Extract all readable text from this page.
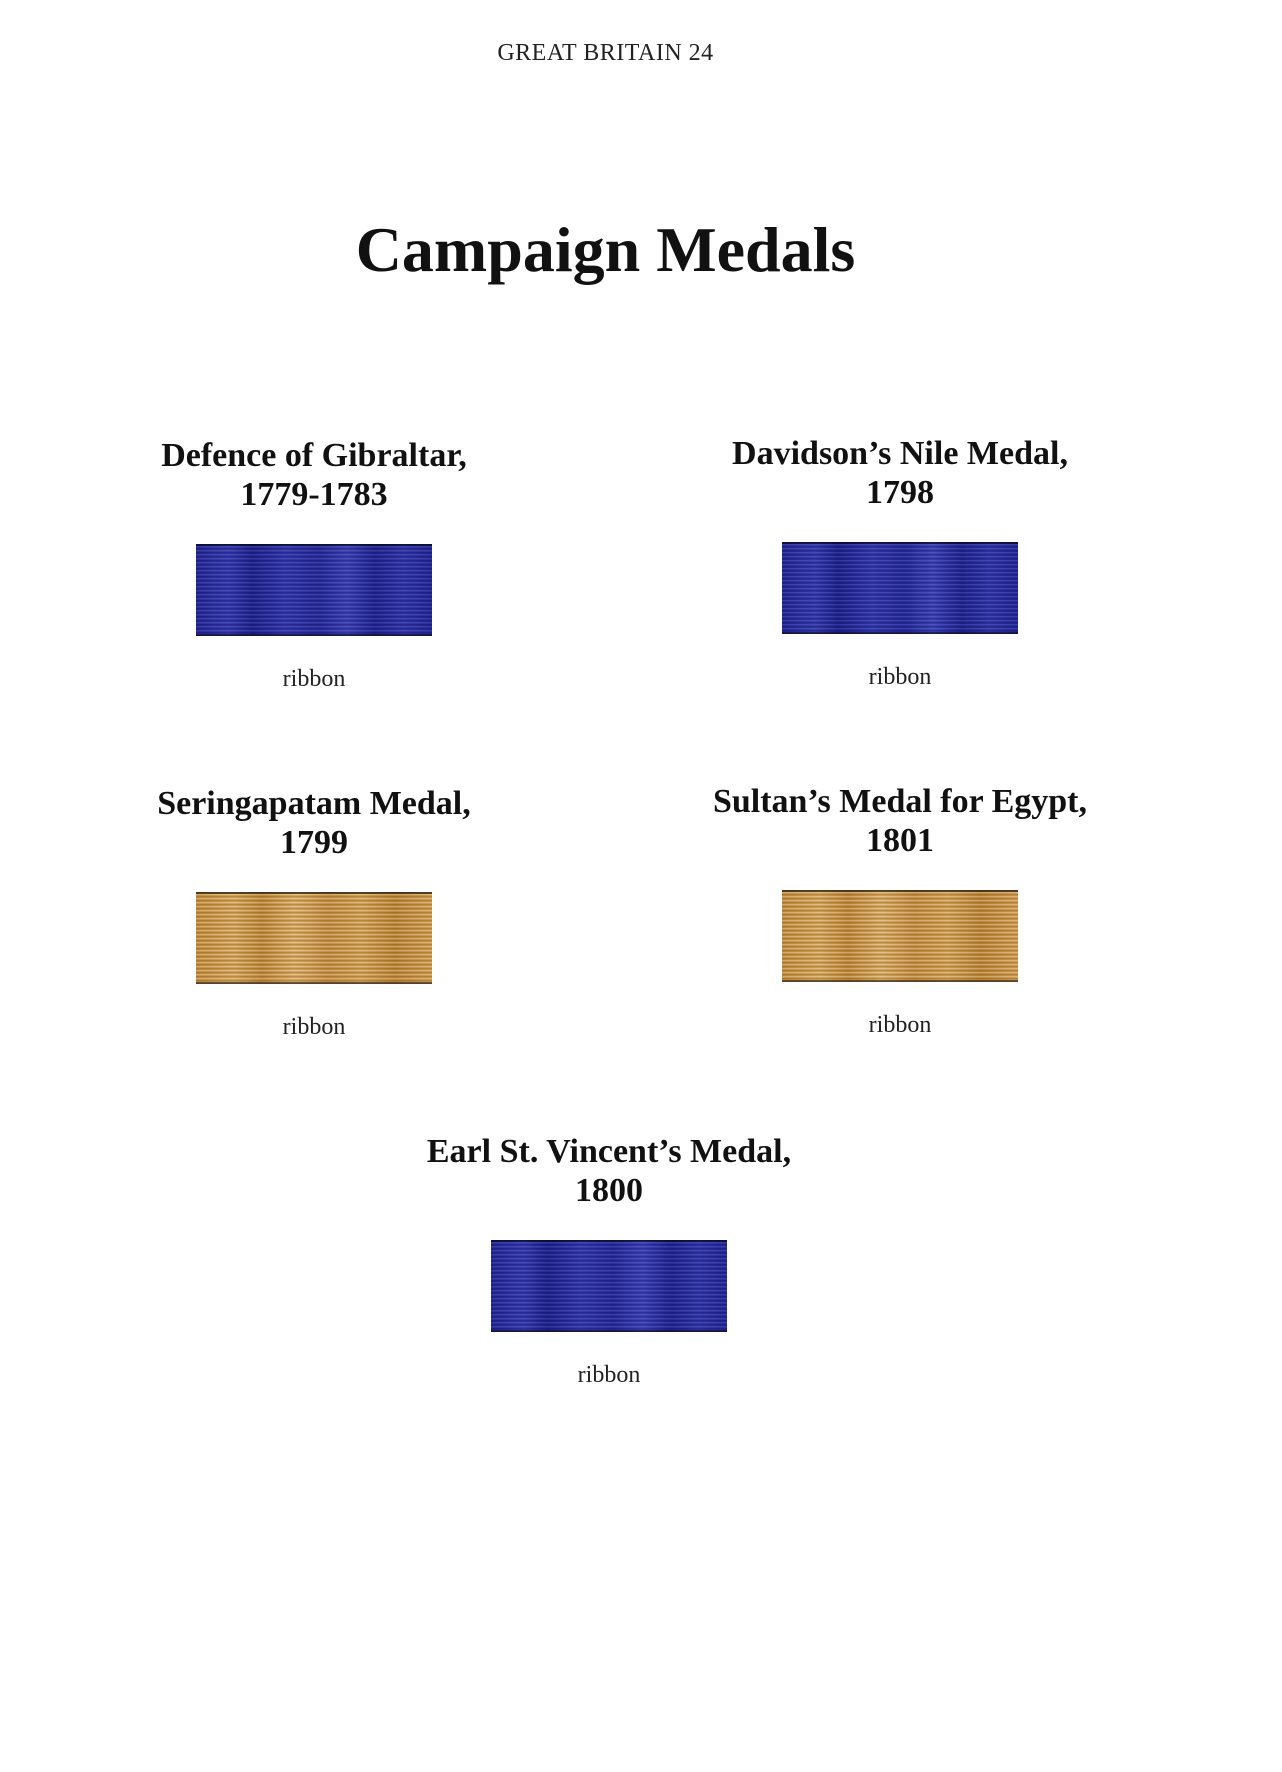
GREAT BRITAIN 24
Campaign Medals

Defence of Gibraltar,
1779-1783

ribbon

Davidson’s Nile Medal,
1798

ribbon

Seringapatam Medal,
1799

ribbon

Sultan’s Medal for Egypt,
1801

ribbon

Earl St. Vincent’s Medal,
1800

ribbon
